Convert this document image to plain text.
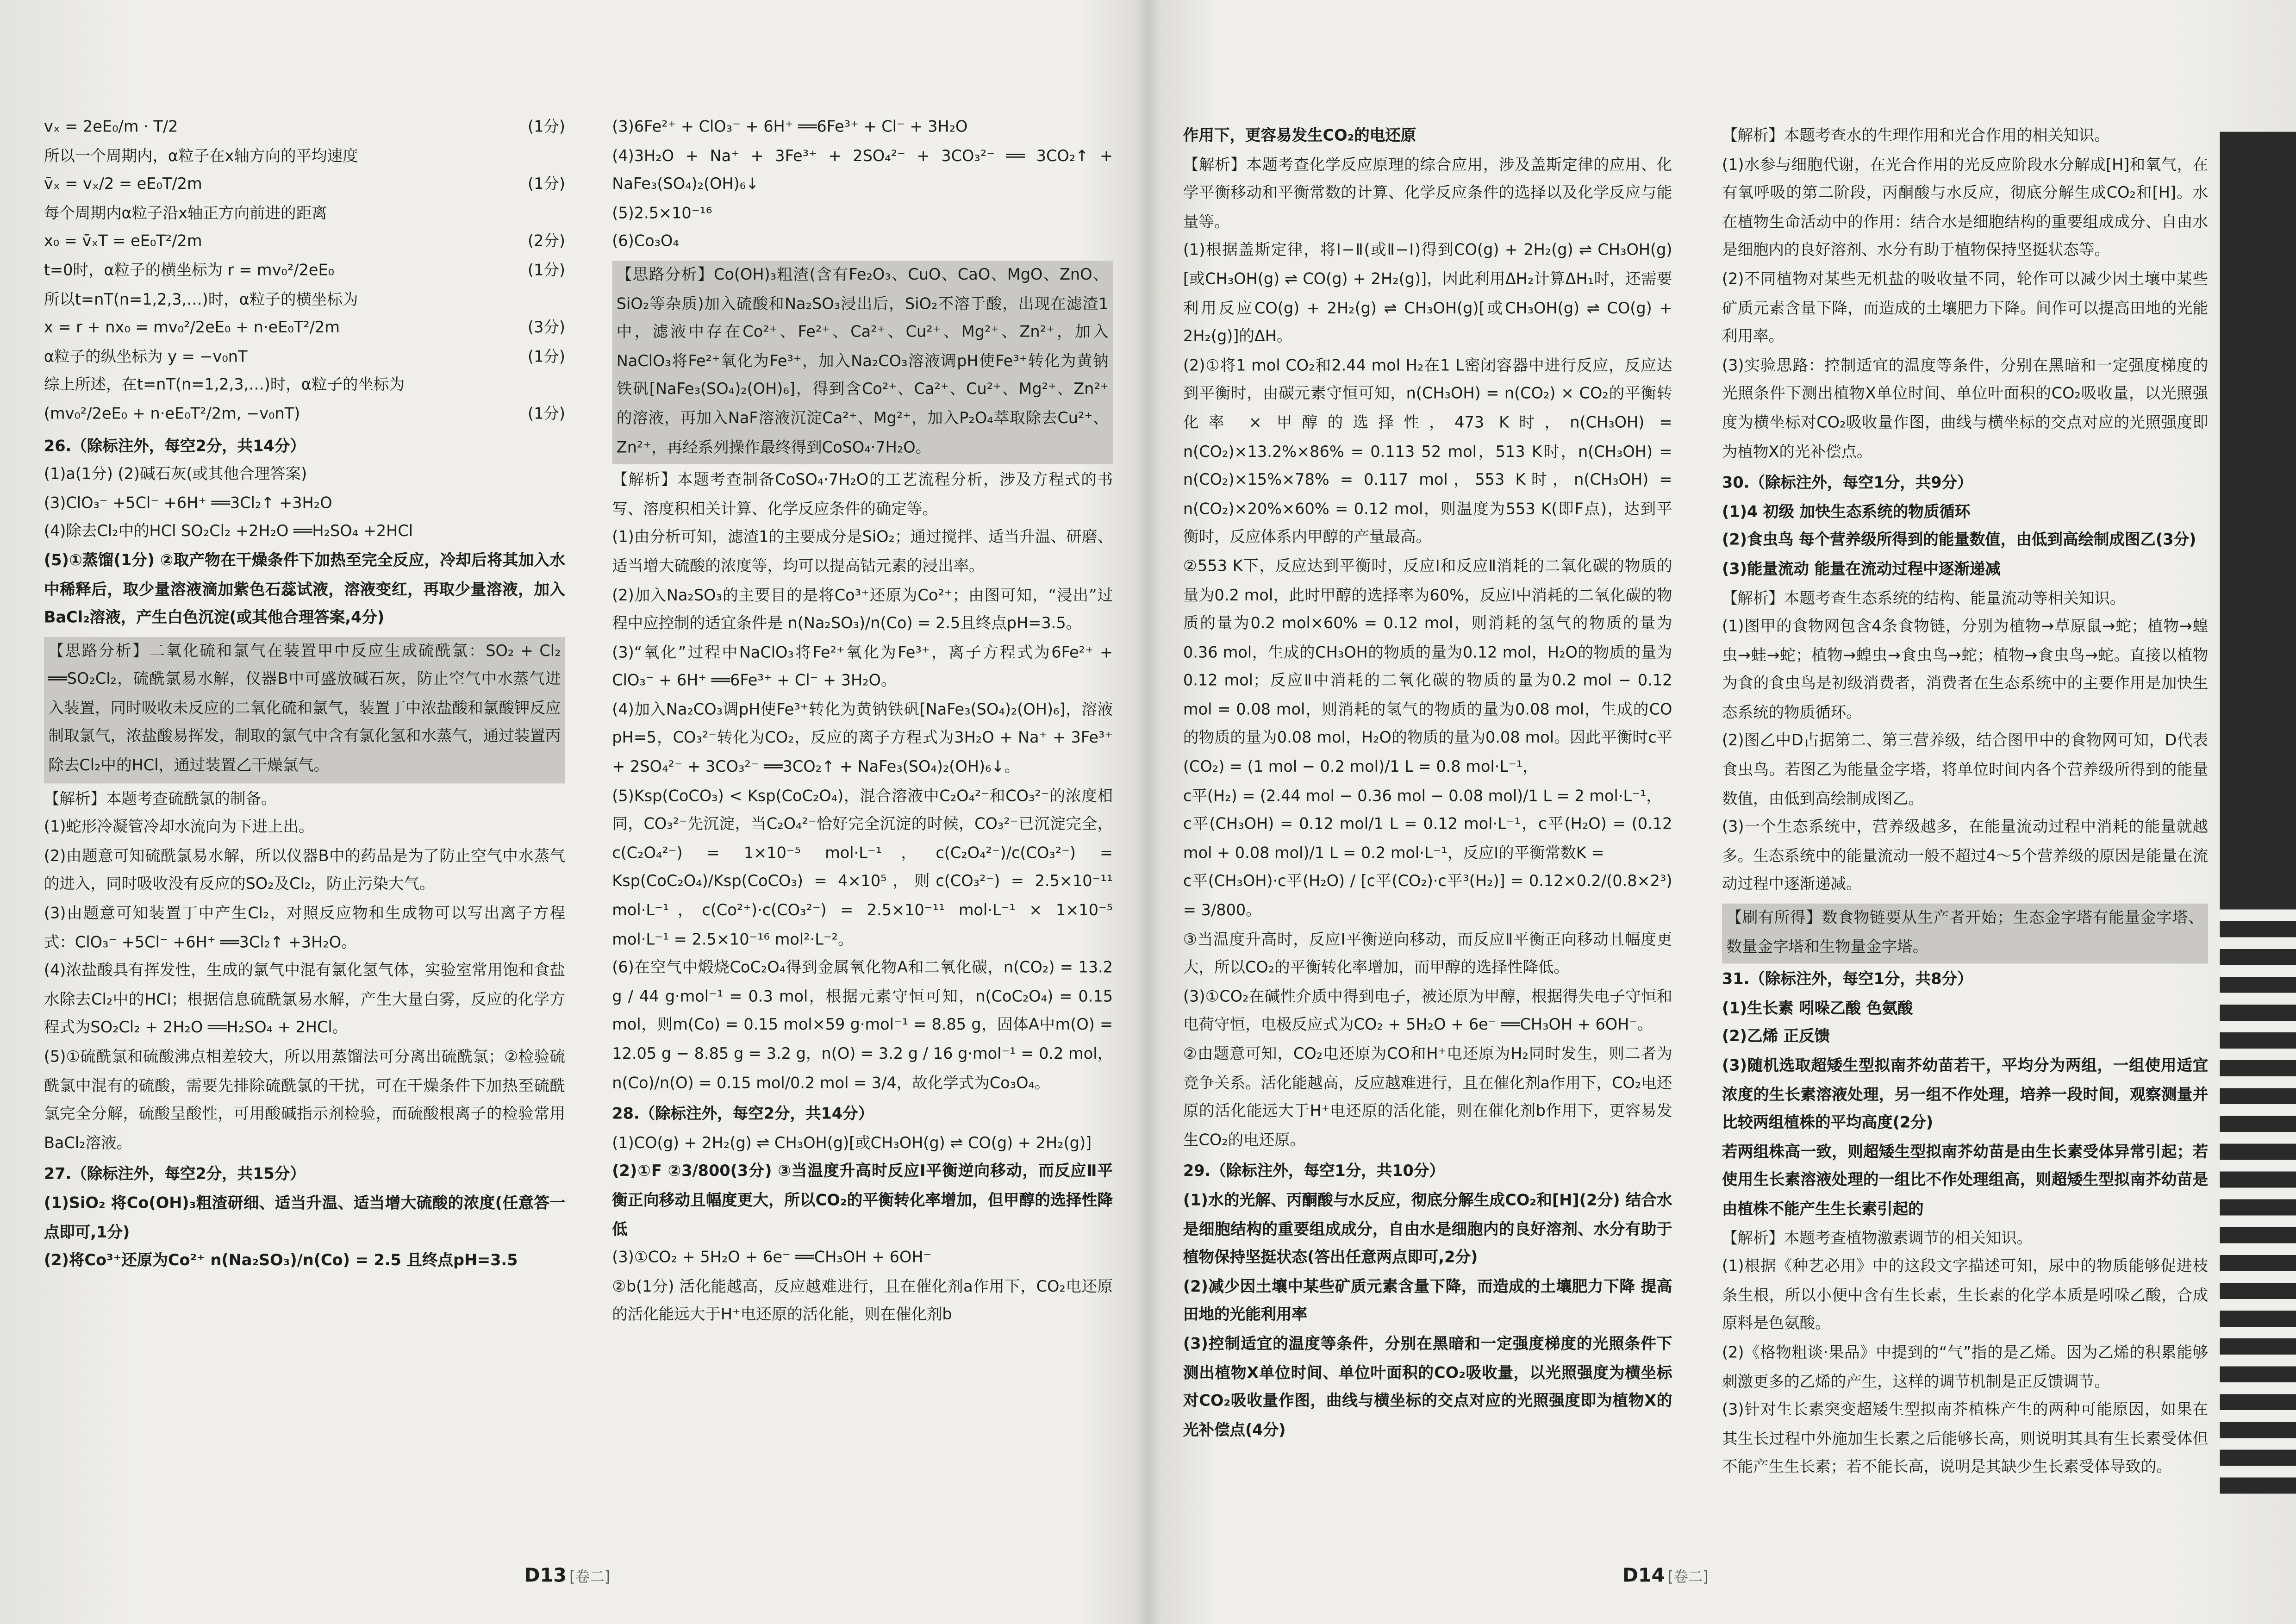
(1分)
vₓ = 2eE₀/m · T/2
所以一个周期内，α粒子在x轴方向的平均速度
(1分)
v̄ₓ = vₓ/2 = eE₀T/2m
每个周期内α粒子沿x轴正方向前进的距离
(2分)
x₀ = v̄ₓT = eE₀T²/2m
(1分)
t=0时，α粒子的横坐标为 r = mv₀²/2eE₀
所以t=nT(n=1,2,3,…)时，α粒子的横坐标为
(3分)
x = r + nx₀ = mv₀²/2eE₀ + n·eE₀T²/2m
(1分)
α粒子的纵坐标为 y = −v₀nT
综上所述，在t=nT(n=1,2,3,…)时，α粒子的坐标为
(1分)
(mv₀²/2eE₀ + n·eE₀T²/2m, −v₀nT)
26.（除标注外，每空2分，共14分）
(1)a(1分) (2)碱石灰(或其他合理答案)
(3)ClO₃⁻ +5Cl⁻ +6H⁺ ══3Cl₂↑ +3H₂O
(4)除去Cl₂中的HCl SO₂Cl₂ +2H₂O ══H₂SO₄ +2HCl
(5)①蒸馏(1分) ②取产物在干燥条件下加热至完全反应，冷却后将其加入水中稀释后，取少量溶液滴加紫色石蕊试液，溶液变红，再取少量溶液，加入BaCl₂溶液，产生白色沉淀(或其他合理答案,4分)
【思路分析】二氧化硫和氯气在装置甲中反应生成硫酰氯：SO₂ + Cl₂ ══SO₂Cl₂，硫酰氯易水解，仪器B中可盛放碱石灰，防止空气中水蒸气进入装置，同时吸收未反应的二氧化硫和氯气，装置丁中浓盐酸和氯酸钾反应制取氯气，浓盐酸易挥发，制取的氯气中含有氯化氢和水蒸气，通过装置丙除去Cl₂中的HCl，通过装置乙干燥氯气。
【解析】本题考查硫酰氯的制备。
(1)蛇形冷凝管冷却水流向为下进上出。
(2)由题意可知硫酰氯易水解，所以仪器B中的药品是为了防止空气中水蒸气的进入，同时吸收没有反应的SO₂及Cl₂，防止污染大气。
(3)由题意可知装置丁中产生Cl₂，对照反应物和生成物可以写出离子方程式：ClO₃⁻ +5Cl⁻ +6H⁺ ══3Cl₂↑ +3H₂O。
(4)浓盐酸具有挥发性，生成的氯气中混有氯化氢气体，实验室常用饱和食盐水除去Cl₂中的HCl；根据信息硫酰氯易水解，产生大量白雾，反应的化学方程式为SO₂Cl₂ + 2H₂O ══H₂SO₄ + 2HCl。
(5)①硫酰氯和硫酸沸点相差较大，所以用蒸馏法可分离出硫酰氯；②检验硫酰氯中混有的硫酸，需要先排除硫酰氯的干扰，可在干燥条件下加热至硫酰氯完全分解，硫酸呈酸性，可用酸碱指示剂检验，而硫酸根离子的检验常用BaCl₂溶液。
27.（除标注外，每空2分，共15分）
(1)SiO₂ 将Co(OH)₃粗渣研细、适当升温、适当增大硫酸的浓度(任意答一点即可,1分)
(2)将Co³⁺还原为Co²⁺ n(Na₂SO₃)/n(Co) = 2.5 且终点pH=3.5
(3)6Fe²⁺ + ClO₃⁻ + 6H⁺ ══6Fe³⁺ + Cl⁻ + 3H₂O
(4)3H₂O + Na⁺ + 3Fe³⁺ + 2SO₄²⁻ + 3CO₃²⁻ ══ 3CO₂↑ + NaFe₃(SO₄)₂(OH)₆↓
(5)2.5×10⁻¹⁶
(6)Co₃O₄
【思路分析】Co(OH)₃粗渣(含有Fe₂O₃、CuO、CaO、MgO、ZnO、SiO₂等杂质)加入硫酸和Na₂SO₃浸出后，SiO₂不溶于酸，出现在滤渣1中，滤液中存在Co²⁺、Fe²⁺、Ca²⁺、Cu²⁺、Mg²⁺、Zn²⁺，加入NaClO₃将Fe²⁺氧化为Fe³⁺，加入Na₂CO₃溶液调pH使Fe³⁺转化为黄钠铁矾[NaFe₃(SO₄)₂(OH)₆]，得到含Co²⁺、Ca²⁺、Cu²⁺、Mg²⁺、Zn²⁺的溶液，再加入NaF溶液沉淀Ca²⁺、Mg²⁺，加入P₂O₄萃取除去Cu²⁺、Zn²⁺，再经系列操作最终得到CoSO₄·7H₂O。
【解析】本题考查制备CoSO₄·7H₂O的工艺流程分析，涉及方程式的书写、溶度积相关计算、化学反应条件的确定等。
(1)由分析可知，滤渣1的主要成分是SiO₂；通过搅拌、适当升温、研磨、适当增大硫酸的浓度等，均可以提高钴元素的浸出率。
(2)加入Na₂SO₃的主要目的是将Co³⁺还原为Co²⁺；由图可知，“浸出”过程中应控制的适宜条件是 n(Na₂SO₃)/n(Co) = 2.5且终点pH=3.5。
(3)“氧化”过程中NaClO₃将Fe²⁺氧化为Fe³⁺，离子方程式为6Fe²⁺ + ClO₃⁻ + 6H⁺ ══6Fe³⁺ + Cl⁻ + 3H₂O。
(4)加入Na₂CO₃调pH使Fe³⁺转化为黄钠铁矾[NaFe₃(SO₄)₂(OH)₆]，溶液pH=5，CO₃²⁻转化为CO₂，反应的离子方程式为3H₂O + Na⁺ + 3Fe³⁺ + 2SO₄²⁻ + 3CO₃²⁻ ══3CO₂↑ + NaFe₃(SO₄)₂(OH)₆↓。
(5)Ksp(CoCO₃) < Ksp(CoC₂O₄)，混合溶液中C₂O₄²⁻和CO₃²⁻的浓度相同，CO₃²⁻先沉淀，当C₂O₄²⁻恰好完全沉淀的时候，CO₃²⁻已沉淀完全，c(C₂O₄²⁻) = 1×10⁻⁵ mol·L⁻¹，c(C₂O₄²⁻)/c(CO₃²⁻) = Ksp(CoC₂O₄)/Ksp(CoCO₃) = 4×10⁵，则c(CO₃²⁻) = 2.5×10⁻¹¹ mol·L⁻¹，c(Co²⁺)·c(CO₃²⁻) = 2.5×10⁻¹¹ mol·L⁻¹ × 1×10⁻⁵ mol·L⁻¹ = 2.5×10⁻¹⁶ mol²·L⁻²。
(6)在空气中煅烧CoC₂O₄得到金属氧化物A和二氧化碳，n(CO₂) = 13.2 g / 44 g·mol⁻¹ = 0.3 mol，根据元素守恒可知，n(CoC₂O₄) = 0.15 mol，则m(Co) = 0.15 mol×59 g·mol⁻¹ = 8.85 g，固体A中m(O) = 12.05 g − 8.85 g = 3.2 g，n(O) = 3.2 g / 16 g·mol⁻¹ = 0.2 mol，n(Co)/n(O) = 0.15 mol/0.2 mol = 3/4，故化学式为Co₃O₄。
28.（除标注外，每空2分，共14分）
(1)CO(g) + 2H₂(g) ⇌ CH₃OH(g)[或CH₃OH(g) ⇌ CO(g) + 2H₂(g)]
(2)①F ②3/800(3分) ③当温度升高时反应Ⅰ平衡逆向移动，而反应Ⅱ平衡正向移动且幅度更大，所以CO₂的平衡转化率增加，但甲醇的选择性降低
(3)①CO₂ + 5H₂O + 6e⁻ ══CH₃OH + 6OH⁻
②b(1分) 活化能越高，反应越难进行，且在催化剂a作用下，CO₂电还原的活化能远大于H⁺电还原的活化能，则在催化剂b
作用下，更容易发生CO₂的电还原
【解析】本题考查化学反应原理的综合应用，涉及盖斯定律的应用、化学平衡移动和平衡常数的计算、化学反应条件的选择以及化学反应与能量等。
(1)根据盖斯定律，将Ⅰ−Ⅱ(或Ⅱ−Ⅰ)得到CO(g) + 2H₂(g) ⇌ CH₃OH(g)[或CH₃OH(g) ⇌ CO(g) + 2H₂(g)]，因此利用ΔH₂计算ΔH₁时，还需要利用反应CO(g) + 2H₂(g) ⇌ CH₃OH(g)[或CH₃OH(g) ⇌ CO(g) + 2H₂(g)]的ΔH。
(2)①将1 mol CO₂和2.44 mol H₂在1 L密闭容器中进行反应，反应达到平衡时，由碳元素守恒可知，n(CH₃OH) = n(CO₂) × CO₂的平衡转化率 × 甲醇的选择性，473 K时，n(CH₃OH) = n(CO₂)×13.2%×86% = 0.113 52 mol，513 K时，n(CH₃OH) = n(CO₂)×15%×78% = 0.117 mol，553 K时，n(CH₃OH) = n(CO₂)×20%×60% = 0.12 mol，则温度为553 K(即F点)，达到平衡时，反应体系内甲醇的产量最高。
②553 K下，反应达到平衡时，反应Ⅰ和反应Ⅱ消耗的二氧化碳的物质的量为0.2 mol，此时甲醇的选择率为60%，反应Ⅰ中消耗的二氧化碳的物质的量为0.2 mol×60% = 0.12 mol，则消耗的氢气的物质的量为0.36 mol，生成的CH₃OH的物质的量为0.12 mol，H₂O的物质的量为0.12 mol；反应Ⅱ中消耗的二氧化碳的物质的量为0.2 mol − 0.12 mol = 0.08 mol，则消耗的氢气的物质的量为0.08 mol，生成的CO的物质的量为0.08 mol，H₂O的物质的量为0.08 mol。因此平衡时c平(CO₂) = (1 mol − 0.2 mol)/1 L = 0.8 mol·L⁻¹，
c平(H₂) = (2.44 mol − 0.36 mol − 0.08 mol)/1 L = 2 mol·L⁻¹，
c平(CH₃OH) = 0.12 mol/1 L = 0.12 mol·L⁻¹，c平(H₂O) = (0.12 mol + 0.08 mol)/1 L = 0.2 mol·L⁻¹，反应Ⅰ的平衡常数K =
c平(CH₃OH)·c平(H₂O) / [c平(CO₂)·c平³(H₂)] = 0.12×0.2/(0.8×2³) = 3/800。
③当温度升高时，反应Ⅰ平衡逆向移动，而反应Ⅱ平衡正向移动且幅度更大，所以CO₂的平衡转化率增加，而甲醇的选择性降低。
(3)①CO₂在碱性介质中得到电子，被还原为甲醇，根据得失电子守恒和电荷守恒，电极反应式为CO₂ + 5H₂O + 6e⁻ ══CH₃OH + 6OH⁻。
②由题意可知，CO₂电还原为CO和H⁺电还原为H₂同时发生，则二者为竞争关系。活化能越高，反应越难进行，且在催化剂a作用下，CO₂电还原的活化能远大于H⁺电还原的活化能，则在催化剂b作用下，更容易发生CO₂的电还原。
29.（除标注外，每空1分，共10分）
(1)水的光解、丙酮酸与水反应，彻底分解生成CO₂和[H](2分) 结合水是细胞结构的重要组成成分，自由水是细胞内的良好溶剂、水分有助于植物保持坚挺状态(答出任意两点即可,2分)
(2)减少因土壤中某些矿质元素含量下降，而造成的土壤肥力下降 提高田地的光能利用率
(3)控制适宜的温度等条件，分别在黑暗和一定强度梯度的光照条件下测出植物X单位时间、单位叶面积的CO₂吸收量，以光照强度为横坐标对CO₂吸收量作图，曲线与横坐标的交点对应的光照强度即为植物X的光补偿点(4分)
【解析】本题考查水的生理作用和光合作用的相关知识。
(1)水参与细胞代谢，在光合作用的光反应阶段水分解成[H]和氧气，在有氧呼吸的第二阶段，丙酮酸与水反应，彻底分解生成CO₂和[H]。水在植物生命活动中的作用：结合水是细胞结构的重要组成成分、自由水是细胞内的良好溶剂、水分有助于植物保持坚挺状态等。
(2)不同植物对某些无机盐的吸收量不同，轮作可以减少因土壤中某些矿质元素含量下降，而造成的土壤肥力下降。间作可以提高田地的光能利用率。
(3)实验思路：控制适宜的温度等条件，分别在黑暗和一定强度梯度的光照条件下测出植物X单位时间、单位叶面积的CO₂吸收量，以光照强度为横坐标对CO₂吸收量作图，曲线与横坐标的交点对应的光照强度即为植物X的光补偿点。
30.（除标注外，每空1分，共9分）
(1)4 初级 加快生态系统的物质循环
(2)食虫鸟 每个营养级所得到的能量数值，由低到高绘制成图乙(3分)
(3)能量流动 能量在流动过程中逐渐递减
【解析】本题考查生态系统的结构、能量流动等相关知识。
(1)图甲的食物网包含4条食物链，分别为植物→草原鼠→蛇；植物→蝗虫→蛙→蛇；植物→蝗虫→食虫鸟→蛇；植物→食虫鸟→蛇。直接以植物为食的食虫鸟是初级消费者，消费者在生态系统中的主要作用是加快生态系统的物质循环。
(2)图乙中D占据第二、第三营养级，结合图甲中的食物网可知，D代表食虫鸟。若图乙为能量金字塔，将单位时间内各个营养级所得到的能量数值，由低到高绘制成图乙。
(3)一个生态系统中，营养级越多，在能量流动过程中消耗的能量就越多。生态系统中的能量流动一般不超过4～5个营养级的原因是能量在流动过程中逐渐递减。
【刷有所得】数食物链要从生产者开始；生态金字塔有能量金字塔、数量金字塔和生物量金字塔。
31.（除标注外，每空1分，共8分）
(1)生长素 吲哚乙酸 色氨酸
(2)乙烯 正反馈
(3)随机选取超矮生型拟南芥幼苗若干，平均分为两组，一组使用适宜浓度的生长素溶液处理，另一组不作处理，培养一段时间，观察测量并比较两组植株的平均高度(2分)
若两组株高一致，则超矮生型拟南芥幼苗是由生长素受体异常引起；若使用生长素溶液处理的一组比不作处理组高，则超矮生型拟南芥幼苗是由植株不能产生生长素引起的
【解析】本题考查植物激素调节的相关知识。
(1)根据《种艺必用》中的这段文字描述可知，尿中的物质能够促进枝条生根，所以小便中含有生长素，生长素的化学本质是吲哚乙酸，合成原料是色氨酸。
(2)《格物粗谈·果品》中提到的“气”指的是乙烯。因为乙烯的积累能够刺激更多的乙烯的产生，这样的调节机制是正反馈调节。
(3)针对生长素突变超矮生型拟南芥植株产生的两种可能原因，如果在其生长过程中外施加生长素之后能够长高，则说明其具有生长素受体但不能产生生长素；若不能长高，说明是其缺少生长素受体导致的。
D13 [卷二]	D14 [卷二]
